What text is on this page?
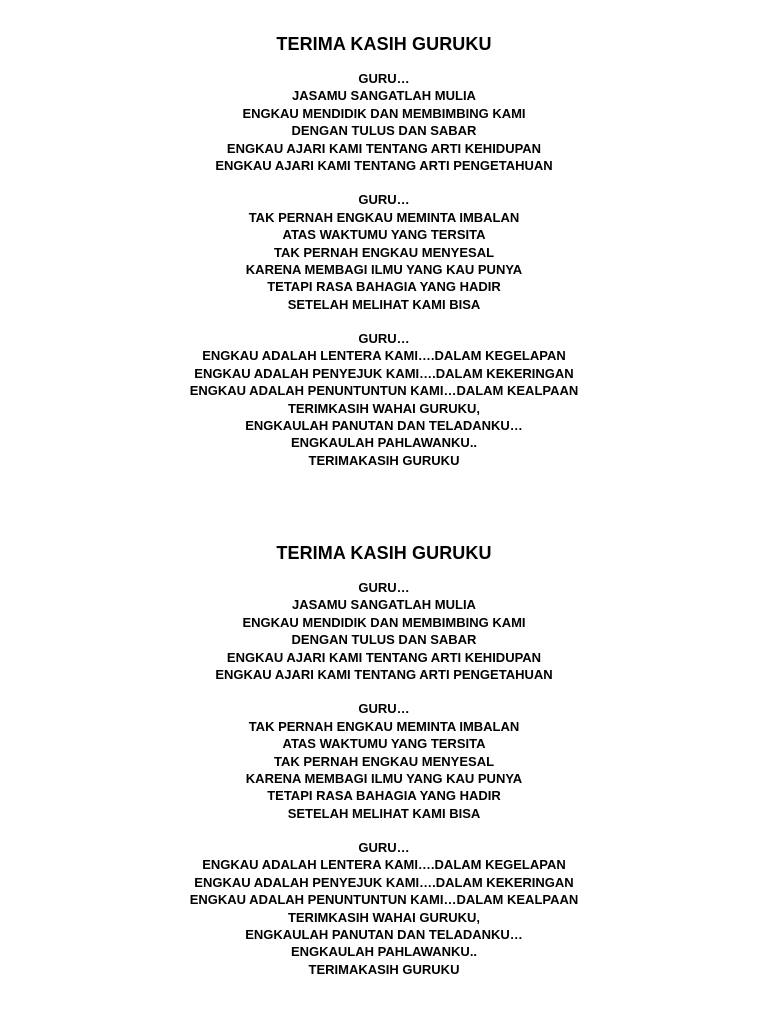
TERIMA KASIH GURUKU
GURU…
JASAMU SANGATLAH MULIA
ENGKAU MENDIDIK DAN MEMBIMBING KAMI
DENGAN TULUS DAN SABAR
ENGKAU AJARI KAMI TENTANG ARTI KEHIDUPAN
ENGKAU AJARI KAMI TENTANG ARTI PENGETAHUAN
GURU…
TAK PERNAH ENGKAU MEMINTA IMBALAN
ATAS WAKTUMU YANG TERSITA
TAK PERNAH ENGKAU MENYESAL
KARENA MEMBAGI ILMU YANG KAU PUNYA
TETAPI RASA BAHAGIA YANG HADIR
SETELAH MELIHAT KAMI BISA
GURU…
ENGKAU ADALAH LENTERA KAMI….DALAM KEGELAPAN
ENGKAU ADALAH PENYEJUK KAMI….DALAM KEKERINGAN
ENGKAU ADALAH PENUNTUNTUN KAMI…DALAM KEALPAAN
TERIMKASIH WAHAI GURUKU,
ENGKAULAH PANUTAN DAN TELADANKU…
ENGKAULAH PAHLAWANKU..
TERIMAKASIH GURUKU
TERIMA KASIH GURUKU
GURU…
JASAMU SANGATLAH MULIA
ENGKAU MENDIDIK DAN MEMBIMBING KAMI
DENGAN TULUS DAN SABAR
ENGKAU AJARI KAMI TENTANG ARTI KEHIDUPAN
ENGKAU AJARI KAMI TENTANG ARTI PENGETAHUAN
GURU…
TAK PERNAH ENGKAU MEMINTA IMBALAN
ATAS WAKTUMU YANG TERSITA
TAK PERNAH ENGKAU MENYESAL
KARENA MEMBAGI ILMU YANG KAU PUNYA
TETAPI RASA BAHAGIA YANG HADIR
SETELAH MELIHAT KAMI BISA
GURU…
ENGKAU ADALAH LENTERA KAMI….DALAM KEGELAPAN
ENGKAU ADALAH PENYEJUK KAMI….DALAM KEKERINGAN
ENGKAU ADALAH PENUNTUNTUN KAMI…DALAM KEALPAAN
TERIMKASIH WAHAI GURUKU,
ENGKAULAH PANUTAN DAN TELADANKU…
ENGKAULAH PAHLAWANKU..
TERIMAKASIH GURUKU
